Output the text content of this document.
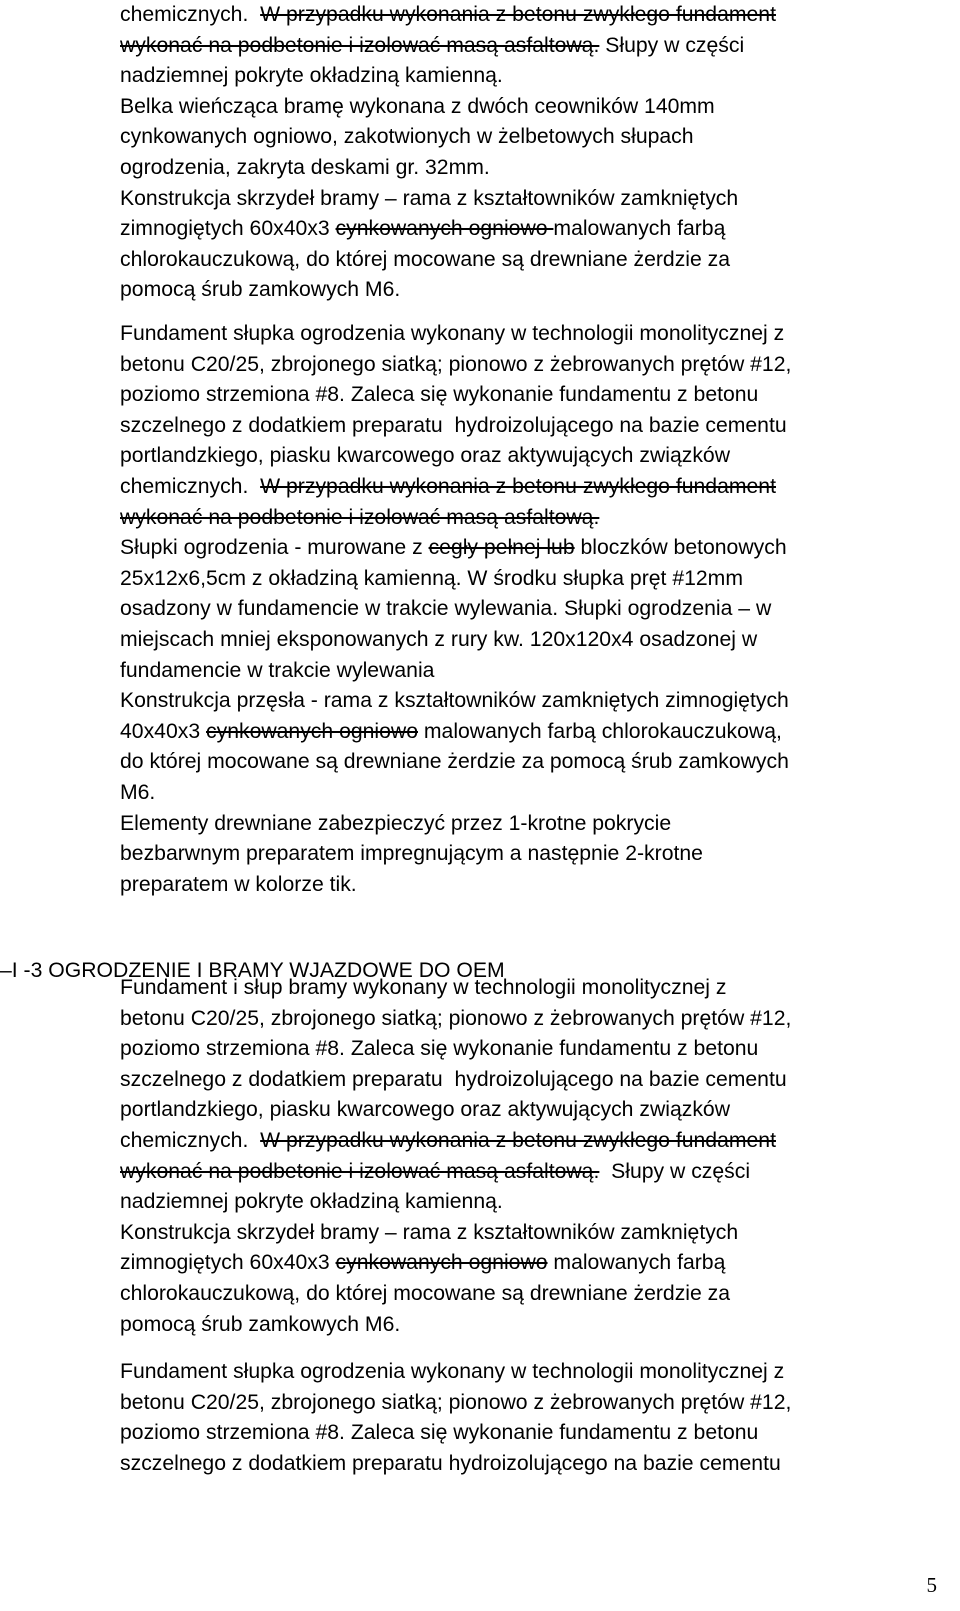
chemicznych.  W przypadku wykonania z betonu zwykłego fundament
wykonać na podbetonie i izolować masą asfaltową. Słupy w części
nadziemnej pokryte okładziną kamienną.
Belka wieńcząca bramę wykonana z dwóch ceowników 140mm
cynkowanych ogniowo, zakotwionych w żelbetowych słupach
ogrodzenia, zakryta deskami gr. 32mm.
Konstrukcja skrzydeł bramy – rama z kształtowników zamkniętych
zimnogiętych 60x40x3 cynkowanych ogniowo malowanych farbą
chlorokauczukową, do której mocowane są drewniane żerdzie za
pomocą śrub zamkowych M6.
Fundament słupka ogrodzenia wykonany w technologii monolitycznej z
betonu C20/25, zbrojonego siatką; pionowo z żebrowanych prętów #12,
poziomo strzemiona #8. Zaleca się wykonanie fundamentu z betonu
szczelnego z dodatkiem preparatu  hydroizolującego na bazie cementu
portlandzkiego, piasku kwarcowego oraz aktywujących związków
chemicznych.  W przypadku wykonania z betonu zwykłego fundament
wykonać na podbetonie i izolować masą asfaltową.
Słupki ogrodzenia - murowane z cegły pełnej lub bloczków betonowych
25x12x6,5cm z okładziną kamienną. W środku słupka pręt #12mm
osadzony w fundamencie w trakcie wylewania. Słupki ogrodzenia – w
miejscach mniej eksponowanych z rury kw. 120x120x4 osadzonej w
fundamencie w trakcie wylewania
Konstrukcja przęsła - rama z kształtowników zamkniętych zimnogiętych
40x40x3 cynkowanych ogniowo malowanych farbą chlorokauczukową,
do której mocowane są drewniane żerdzie za pomocą śrub zamkowych
M6.
Elementy drewniane zabezpieczyć przez 1-krotne pokrycie
bezbarwnym preparatem impregnującym a następnie 2-krotne
preparatem w kolorze tik.
–I -3 OGRODZENIE I BRAMY WJAZDOWE DO OEM
Fundament i słup bramy wykonany w technologii monolitycznej z
betonu C20/25, zbrojonego siatką; pionowo z żebrowanych prętów #12,
poziomo strzemiona #8. Zaleca się wykonanie fundamentu z betonu
szczelnego z dodatkiem preparatu  hydroizolującego na bazie cementu
portlandzkiego, piasku kwarcowego oraz aktywujących związków
chemicznych.  W przypadku wykonania z betonu zwykłego fundament
wykonać na podbetonie i izolować masą asfaltową.  Słupy w części
nadziemnej pokryte okładziną kamienną.
Konstrukcja skrzydeł bramy – rama z kształtowników zamkniętych
zimnogiętych 60x40x3 cynkowanych ogniowo malowanych farbą
chlorokauczukową, do której mocowane są drewniane żerdzie za
pomocą śrub zamkowych M6.
Fundament słupka ogrodzenia wykonany w technologii monolitycznej z
betonu C20/25, zbrojonego siatką; pionowo z żebrowanych prętów #12,
poziomo strzemiona #8. Zaleca się wykonanie fundamentu z betonu
szczelnego z dodatkiem preparatu hydroizolującego na bazie cementu
5
